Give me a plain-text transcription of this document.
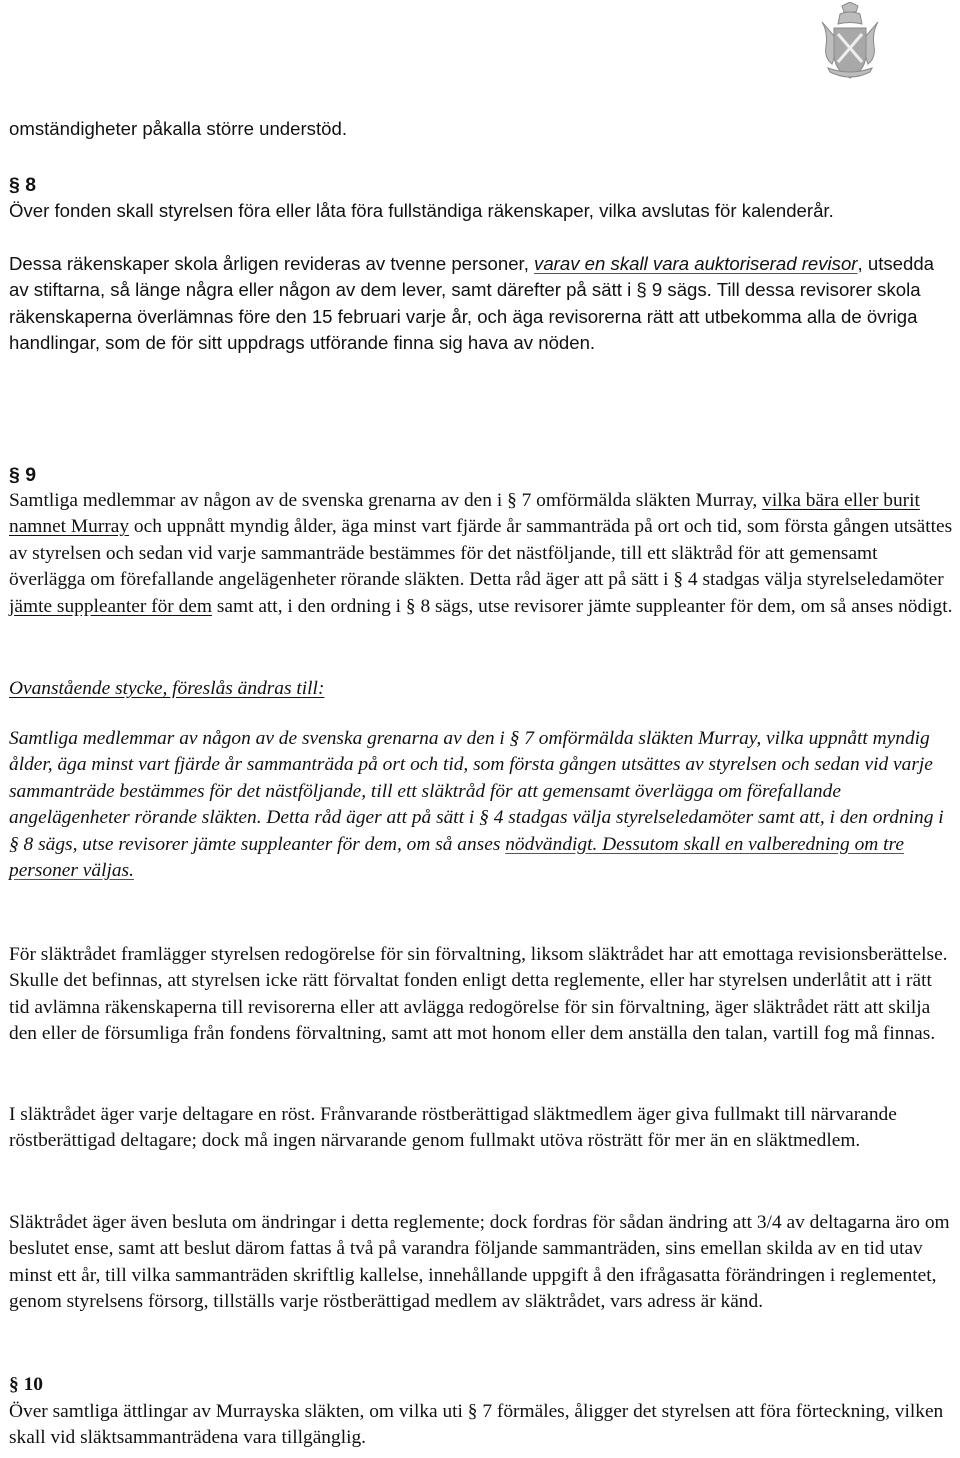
omständigheter påkalla större understöd.

§ 8

Över fonden skall styrelsen föra eller låta föra fullständiga räkenskaper, vilka avslutas för kalenderår.

Dessa räkenskaper skola årligen revideras av tvenne personer, varav en skall vara auktoriserad revisor, utsedda av stiftarna, så länge några eller någon av dem lever, samt därefter på sätt i § 9 sägs. Till dessa revisorer skola räkenskaperna överlämnas före den 15 februari varje år, och äga revisorerna rätt att utbekomma alla de övriga handlingar, som de för sitt uppdrags utförande finna sig hava av nöden.

§ 9

Samtliga medlemmar av någon av de svenska grenarna av den i § 7 omförmälda släkten Murray, vilka bära eller burit namnet Murray och uppnått myndig ålder, äga minst vart fjärde år sammanträda på ort och tid, som första gången utsättes av styrelsen och sedan vid varje sammanträde bestämmes för det nästföljande, till ett släktråd för att gemensamt överlägga om förefallande angelägenheter rörande släkten. Detta råd äger att på sätt i § 4 stadgas välja styrelseledamöter jämte suppleanter för dem samt att, i den ordning i § 8 sägs, utse revisorer jämte suppleanter för dem, om så anses nödigt.

Ovanstående stycke, föreslås ändras till:

Samtliga medlemmar av någon av de svenska grenarna av den i § 7 omförmälda släkten Murray, vilka uppnått myndig ålder, äga minst vart fjärde år sammanträda på ort och tid, som första gången utsättes av styrelsen och sedan vid varje sammanträde bestämmes för det nästföljande, till ett släktråd för att gemensamt överlägga om förefallande angelägenheter rörande släkten. Detta råd äger att på sätt i § 4 stadgas välja styrelseledamöter samt att, i den ordning i § 8 sägs, utse revisorer jämte suppleanter för dem, om så anses nödvändigt. Dessutom skall en valberedning om tre personer väljas.

För släktrådet framlägger styrelsen redogörelse för sin förvaltning, liksom släktrådet har att emottaga revisionsberättelse. Skulle det befinnas, att styrelsen icke rätt förvaltat fonden enligt detta reglemente, eller har styrelsen underlåtit att i rätt tid avlämna räkenskaperna till revisorerna eller att avlägga redogörelse för sin förvaltning, äger släktrådet rätt att skilja den eller de försumliga från fondens förvaltning, samt att mot honom eller dem anställa den talan, vartill fog må finnas.

I släktrådet äger varje deltagare en röst. Frånvarande röstberättigad släktmedlem äger giva fullmakt till närvarande röstberättigad deltagare; dock må ingen närvarande genom fullmakt utöva rösträtt för mer än en släktmedlem.

Släktrådet äger även besluta om ändringar i detta reglemente; dock fordras för sådan ändring att 3/4 av deltagarna äro om beslutet ense, samt att beslut därom fattas å två på varandra följande sammanträden, sins emellan skilda av en tid utav minst ett år, till vilka sammanträden skriftlig kallelse, innehållande uppgift å den ifrågasatta förändringen i reglementet, genom styrelsens försorg, tillställs varje röstberättigad medlem av släktrådet, vars adress är känd.

§ 10

Över samtliga ättlingar av Murrayska släkten, om vilka uti § 7 förmäles, åligger det styrelsen att föra förteckning, vilken skall vid släktsammanträdena vara tillgänglig.
